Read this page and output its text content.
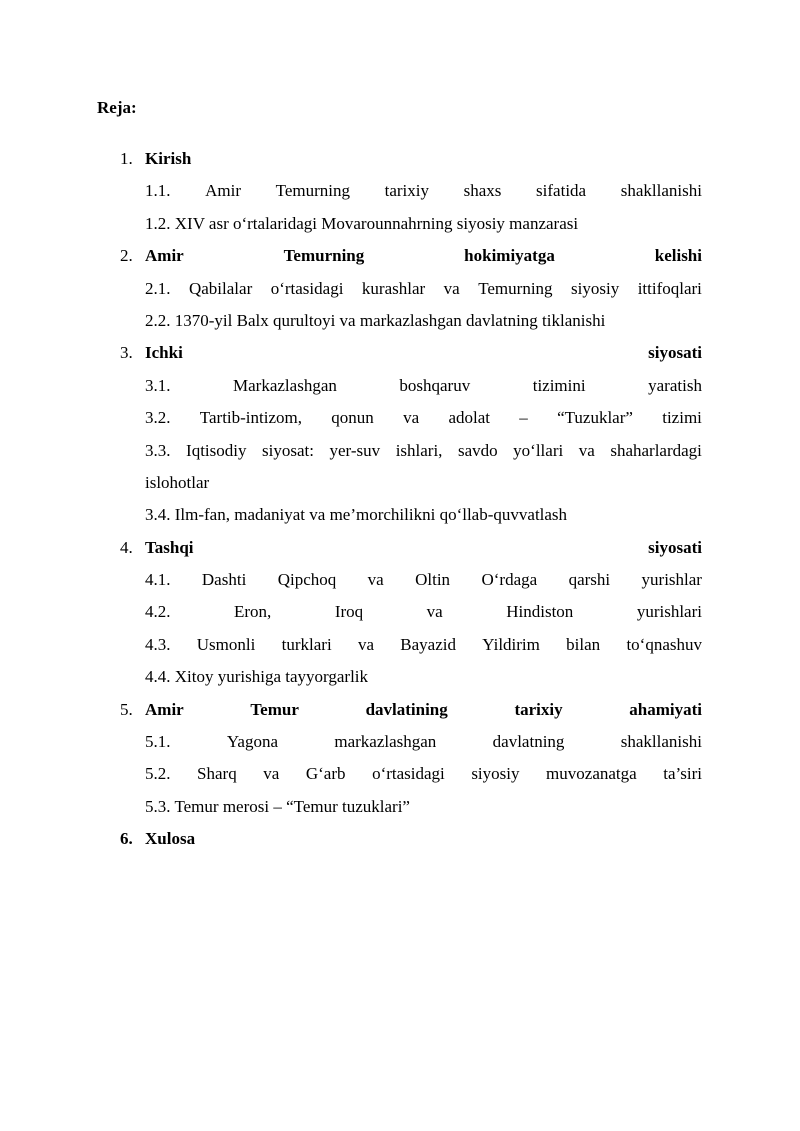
Reja:
1. Kirish
1.1. Amir Temurning tarixiy shaxs sifatida shakllanishi
1.2. XIV asr o‘rtalaridagi Movarounnahrning siyosiy manzarasi
2. Amir	Temurning	hokimiyatga	kelishi
2.1. Qabilalar o‘rtasidagi kurashlar va Temurning siyosiy ittifoqlari
2.2. 1370-yil Balx qurultoyi va markazlashgan davlatning tiklanishi
3. Ichki	siyosati
3.1.	Markazlashgan	boshqaruv	tizimini	yaratish
3.2. Tartib-intizom, qonun va adolat – “Tuzuklar” tizimi
3.3. Iqtisodiy siyosat: yer-suv ishlari, savdo yo‘llari va shaharlardagi
islohotlar
3.4. Ilm-fan, madaniyat va me’morchilikni qo‘llab-quvvatlash
4. Tashqi	siyosati
4.1. Dashti Qipchoq va Oltin O‘rdaga qarshi yurishlar
4.2.	Eron,	Iroq	va	Hindiston	yurishlari
4.3. Usmonli turklari va Bayazid Yildirim bilan to‘qnashuv
4.4. Xitoy yurishiga tayyorgarlik
5. Amir	Temur	davlatining	tarixiy	ahamiyati
5.1.	Yagona	markazlashgan	davlatning	shakllanishi
5.2. Sharq va G‘arb o‘rtasidagi siyosiy muvozanatga ta’siri
5.3. Temur merosi – “Temur tuzuklari”
6. Xulosa
